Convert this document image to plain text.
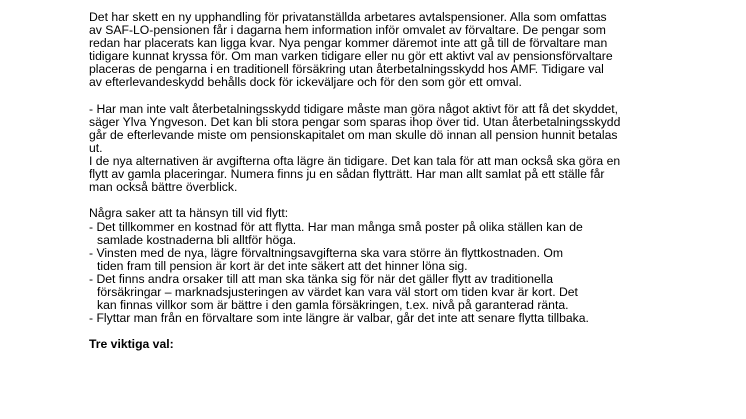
Det har skett en ny upphandling för privatanställda arbetares avtalspensioner. Alla som omfattas

av SAF-LO-pensionen får i dagarna hem information inför omvalet av förvaltare. De pengar som

redan har placerats kan ligga kvar. Nya pengar kommer däremot inte att gå till de förvaltare man

tidigare kunnat kryssa för. Om man varken tidigare eller nu gör ett aktivt val av pensionsförvaltare

placeras de pengarna i en traditionell försäkring utan återbetalningsskydd hos AMF. Tidigare val

av efterlevandeskydd behålls dock för ickeväljare och för den som gör ett omval.

- Har man inte valt återbetalningsskydd tidigare måste man göra något aktivt för att få det skyddet,

säger Ylva Yngveson. Det kan bli stora pengar som sparas ihop över tid. Utan återbetalningsskydd

går de efterlevande miste om pensionskapitalet om man skulle dö innan all pension hunnit betalas

ut.

I de nya alternativen är avgifterna ofta lägre än tidigare. Det kan tala för att man också ska göra en

flytt av gamla placeringar. Numera finns ju en sådan flytträtt. Har man allt samlat på ett ställe får

man också bättre överblick.

Några saker att ta hänsyn till vid flytt:

- Det tillkommer en kostnad för att flytta. Har man många små poster på olika ställen kan de
samlade kostnaderna bli alltför höga.
- Vinsten med de nya, lägre förvaltningsavgifterna ska vara större än flyttkostnaden. Om
tiden fram till pension är kort är det inte säkert att det hinner löna sig.
- Det finns andra orsaker till att man ska tänka sig för när det gäller flytt av traditionella
försäkringar – marknadsjusteringen av värdet kan vara väl stort om tiden kvar är kort. Det
kan finnas villkor som är bättre i den gamla försäkringen, t.ex. nivå på garanterad ränta.
- Flyttar man från en förvaltare som inte längre är valbar, går det inte att senare flytta tillbaka.

Tre viktiga val:
